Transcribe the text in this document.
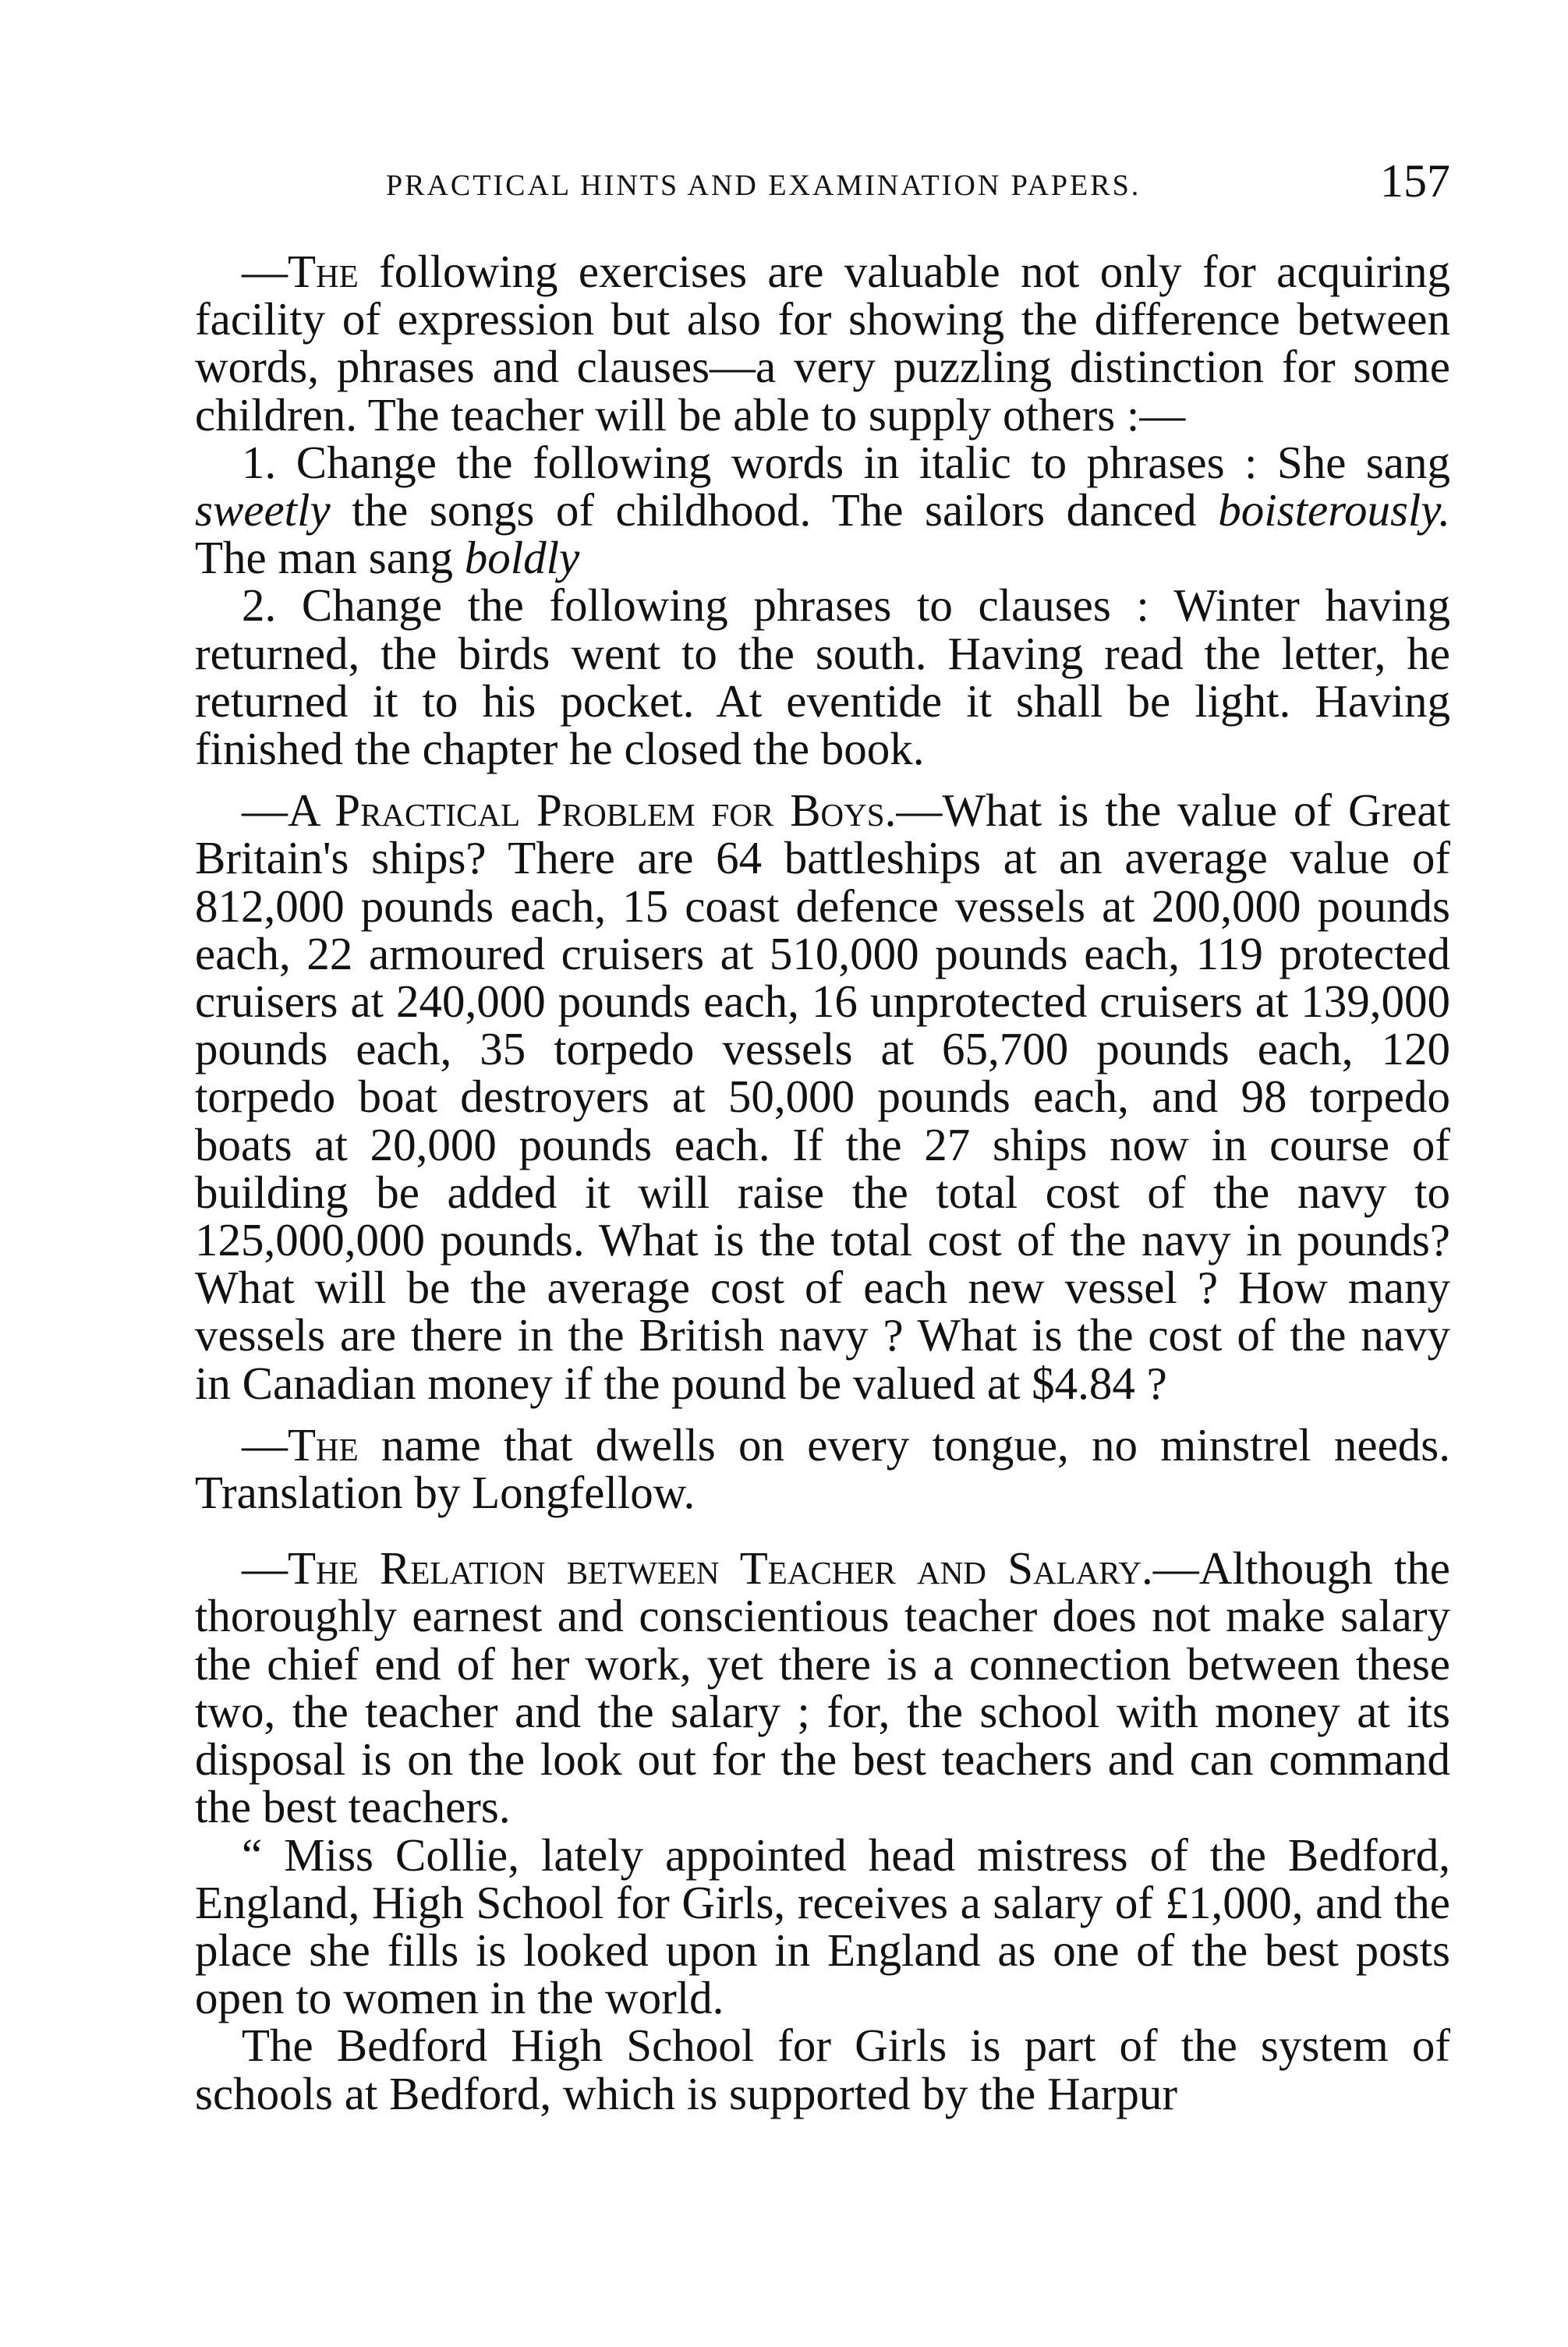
PRACTICAL HINTS AND EXAMINATION PAPERS.	157

—The following exercises are valuable not only for acquiring facility of expression but also for showing the difference between words, phrases and clauses—a very puzzling distinction for some children. The teacher will be able to supply others :—

1. Change the following words in italic to phrases : She sang sweetly the songs of childhood. The sailors danced boisterously. The man sang boldly

2. Change the following phrases to clauses : Winter having returned, the birds went to the south. Having read the letter, he returned it to his pocket. At eventide it shall be light. Having finished the chapter he closed the book.

—A Practical Problem for Boys.—What is the value of Great Britain's ships? There are 64 battleships at an average value of 812,000 pounds each, 15 coast defence vessels at 200,000 pounds each, 22 armoured cruisers at 510,000 pounds each, 119 protected cruisers at 240,000 pounds each, 16 unprotected cruisers at 139,000 pounds each, 35 torpedo vessels at 65,700 pounds each, 120 torpedo boat destroyers at 50,000 pounds each, and 98 torpedo boats at 20,000 pounds each. If the 27 ships now in course of building be added it will raise the total cost of the navy to 125,000,000 pounds. What is the total cost of the navy in pounds? What will be the average cost of each new vessel ? How many vessels are there in the British navy ? What is the cost of the navy in Canadian money if the pound be valued at $4.84 ?

—The name that dwells on every tongue, no minstrel needs. Translation by Longfellow.

—The Relation between Teacher and Salary.—Although the thoroughly earnest and conscientious teacher does not make salary the chief end of her work, yet there is a connection between these two, the teacher and the salary ; for, the school with money at its disposal is on the look out for the best teachers and can command the best teachers.

“ Miss Collie, lately appointed head mistress of the Bedford, England, High School for Girls, receives a salary of £1,000, and the place she fills is looked upon in England as one of the best posts open to women in the world.

The Bedford High School for Girls is part of the system of schools at Bedford, which is supported by the Harpur
